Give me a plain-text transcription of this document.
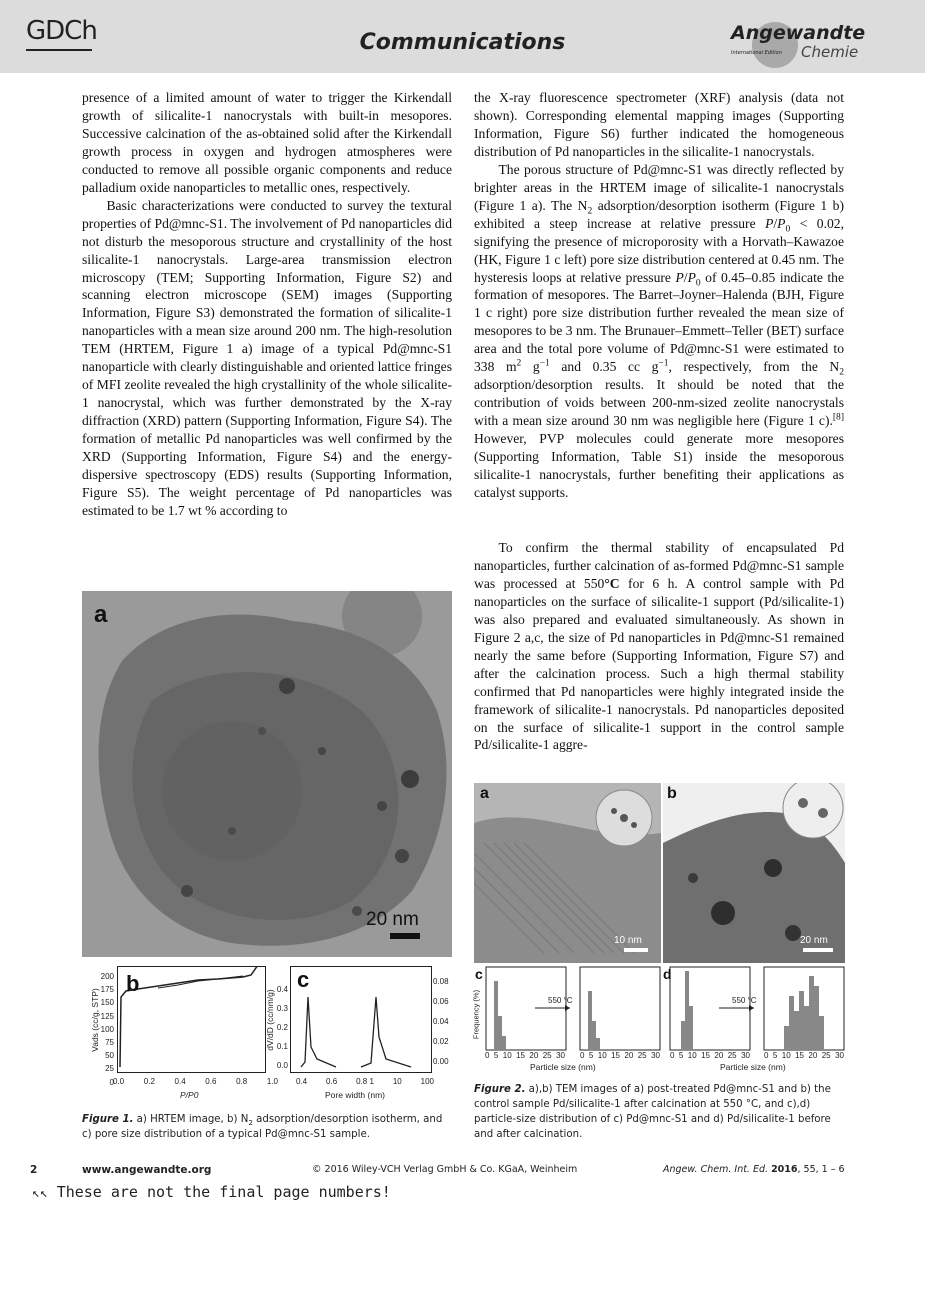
GDCh	Communications	Angewandte
International Edition Chemie

presence of a limited amount of water to trigger the Kirkendall growth of silicalite-1 nanocrystals with built-in mesopores. Successive calcination of the as-obtained solid after the Kirkendall growth process in oxygen and hydrogen atmospheres were conducted to remove all possible organic components and reduce palladium oxide nanoparticles to metallic ones, respectively.

Basic characterizations were conducted to survey the textural properties of Pd@mnc-S1. The involvement of Pd nanoparticles did not disturb the mesoporous structure and crystallinity of the host silicalite-1 nanocrystals. Large-area transmission electron microscopy (TEM; Supporting Information, Figure S2) and scanning electron microscope (SEM) images (Supporting Information, Figure S3) demonstrated the formation of silicalite-1 nanoparticles with a mean size around 200 nm. The high-resolution TEM (HRTEM, Figure 1 a) image of a typical Pd@mnc-S1 nanoparticle with clearly distinguishable and oriented lattice fringes of MFI zeolite revealed the high crystallinity of the whole silicalite-1 nanocrystal, which was further demonstrated by the X-ray diffraction (XRD) pattern (Supporting Information, Figure S4). The formation of metallic Pd nanoparticles was well confirmed by the XRD (Supporting Information, Figure S4) and the energy-dispersive spectroscopy (EDS) results (Supporting Information, Figure S5). The weight percentage of Pd nanoparticles was estimated to be 1.7 wt % according to

the X-ray fluorescence spectrometer (XRF) analysis (data not shown). Corresponding elemental mapping images (Supporting Information, Figure S6) further indicated the homogeneous distribution of Pd nanoparticles in the silicalite-1 nanocrystals.

The porous structure of Pd@mnc-S1 was directly reflected by brighter areas in the HRTEM image of silicalite-1 nanocrystals (Figure 1 a). The $N_2$ adsorption/desorption isotherm (Figure 1 b) exhibited a steep increase at relative pressure $P/P_0 < 0.02$, signifying the presence of microporosity with a Horvath–Kawazoe (HK, Figure 1 c left) pore size distribution centered at 0.45 nm. The hysteresis loops at relative pressure $P/P_0$ of 0.45–0.85 indicate the formation of mesopores. The Barret–Joyner–Halenda (BJH, Figure 1 c right) pore size distribution further revealed the mean size of mesopores to be 3 nm. The Brunauer–Emmett–Teller (BET) surface area and the total pore volume of Pd@mnc-S1 were estimated to 338 $m^2$ $g^{-1}$ and 0.35 cc $g^{-1}$, respectively, from the $N_2$ adsorption/desorption results. It should be noted that the contribution of voids between 200-nm-sized zeolite nanocrystals with a mean size around 30 nm was negligible here (Figure 1 c).[8] However, PVP molecules could generate more mesopores (Supporting Information, Table S1) inside the mesoporous silicalite-1 nanocrystals, further benefiting their applications as catalyst supports.

To confirm the thermal stability of encapsulated Pd nanoparticles, further calcination of as-formed Pd@mnc-S1 sample was processed at 550°C for 6 h. A control sample with Pd nanoparticles on the surface of silicalite-1 support (Pd/silicalite-1) was also prepared and evaluated simultaneously. As shown in Figure 2 a,c, the size of Pd nanoparticles in Pd@mnc-S1 remained nearly the same before (Supporting Information, Figure S7) and after the calcination process. Such a high thermal stability confirmed that Pd nanoparticles were highly integrated inside the framework of silicalite-1 nanocrystals. Pd nanoparticles deposited on the surface of silicalite-1 support in the control sample Pd/silicalite-1 aggre-

a
20 nm
b
200
175
150
125
100
75
50
25
0
Vads (cc/g, STP)
0.0 0.2 0.4 0.6 0.8 1.0
P/P0
c
0.4
0.3
0.2
0.1
0.0
0.08
0.06
0.04
0.02
0.00
dV/dD (cc/nm/g)
0.4 0.6 0.8 1 10 100
Pore width (nm)
Figure 1. a) HRTEM image, b) $N_2$ adsorption/desorption isotherm, and c) pore size distribution of a typical Pd@mnc-S1 sample.
a
10 nm
b
20 nm
550 °C
c
Frequency (%)
0 5 10 15 20 25 30 0 5 10 15 20 25 30
Particle size (nm)
550 °C
d
0 5 10 15 20 25 30 0 5 10 15 20 25 30
Particle size (nm)
Figure 2. a),b) TEM images of a) post-treated Pd@mnc-S1 and b) the control sample Pd/silicalite-1 after calcination at 550 °C, and c),d) particle-size distribution of c) Pd@mnc-S1 and d) Pd/silicalite-1 before and after calcination.
2	www.angewandte.org	© 2016 Wiley-VCH Verlag GmbH & Co. KGaA, Weinheim	Angew. Chem. Int. Ed. 2016, 55, 1 – 6
↖↖ These are not the final page numbers!
